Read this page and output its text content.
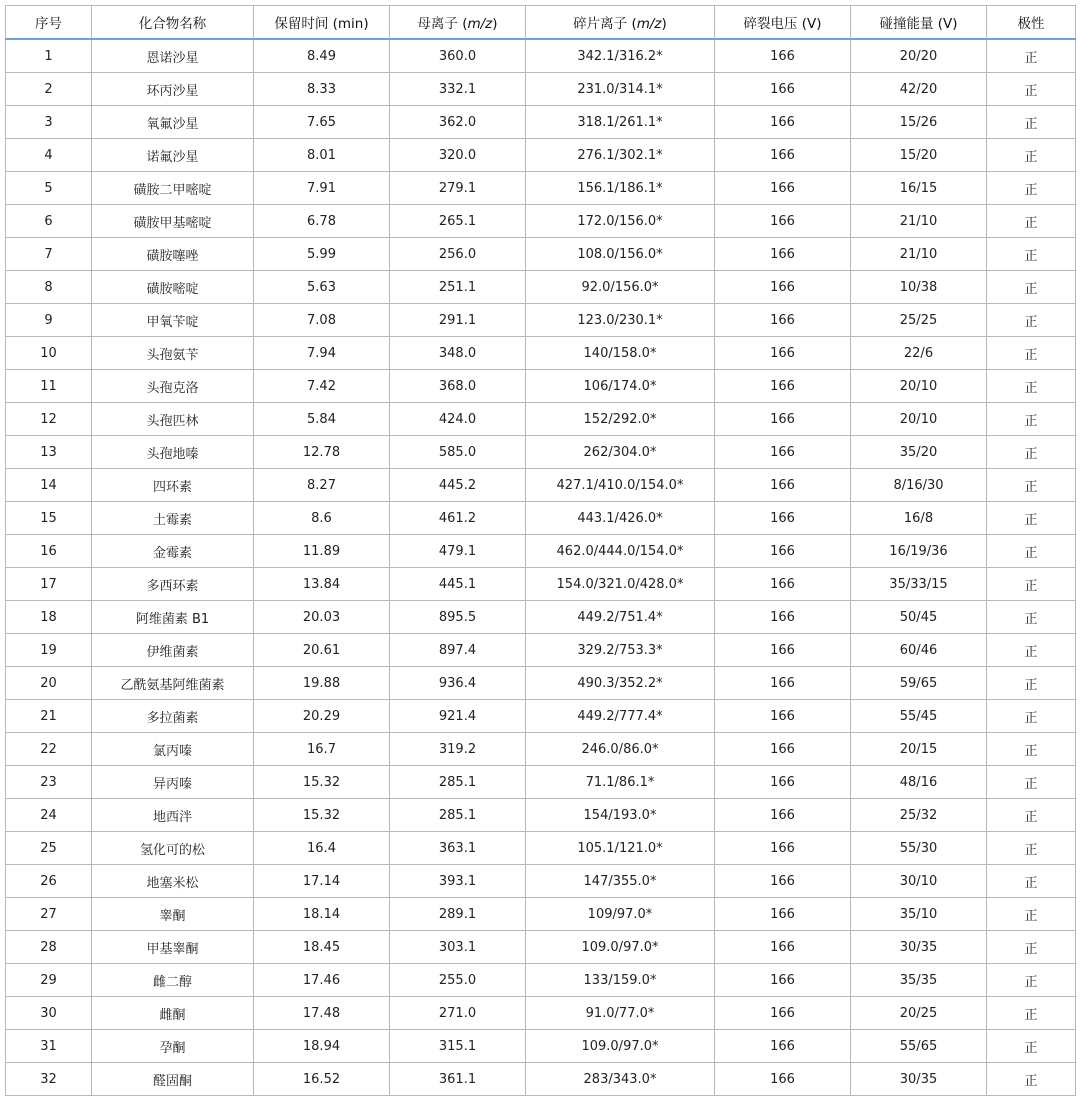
序号	化合物名称	保留时间 (min)	母离子 (m/z)	碎片离子 (m/z)	碎裂电压 (V)	碰撞能量 (V)	极性
1	恩诺沙星	8.49	360.0	342.1/316.2*	166	20/20	正
2	环丙沙星	8.33	332.1	231.0/314.1*	166	42/20	正
3	氧氟沙星	7.65	362.0	318.1/261.1*	166	15/26	正
4	诺氟沙星	8.01	320.0	276.1/302.1*	166	15/20	正
5	磺胺二甲嘧啶	7.91	279.1	156.1/186.1*	166	16/15	正
6	磺胺甲基嘧啶	6.78	265.1	172.0/156.0*	166	21/10	正
7	磺胺噻唑	5.99	256.0	108.0/156.0*	166	21/10	正
8	磺胺嘧啶	5.63	251.1	92.0/156.0*	166	10/38	正
9	甲氧苄啶	7.08	291.1	123.0/230.1*	166	25/25	正
10	头孢氨苄	7.94	348.0	140/158.0*	166	22/6	正
11	头孢克洛	7.42	368.0	106/174.0*	166	20/10	正
12	头孢匹林	5.84	424.0	152/292.0*	166	20/10	正
13	头孢地嗪	12.78	585.0	262/304.0*	166	35/20	正
14	四环素	8.27	445.2	427.1/410.0/154.0*	166	8/16/30	正
15	土霉素	8.6	461.2	443.1/426.0*	166	16/8	正
16	金霉素	11.89	479.1	462.0/444.0/154.0*	166	16/19/36	正
17	多西环素	13.84	445.1	154.0/321.0/428.0*	166	35/33/15	正
18	阿维菌素 B1	20.03	895.5	449.2/751.4*	166	50/45	正
19	伊维菌素	20.61	897.4	329.2/753.3*	166	60/46	正
20	乙酰氨基阿维菌素	19.88	936.4	490.3/352.2*	166	59/65	正
21	多拉菌素	20.29	921.4	449.2/777.4*	166	55/45	正
22	氯丙嗪	16.7	319.2	246.0/86.0*	166	20/15	正
23	异丙嗪	15.32	285.1	71.1/86.1*	166	48/16	正
24	地西泮	15.32	285.1	154/193.0*	166	25/32	正
25	氢化可的松	16.4	363.1	105.1/121.0*	166	55/30	正
26	地塞米松	17.14	393.1	147/355.0*	166	30/10	正
27	睾酮	18.14	289.1	109/97.0*	166	35/10	正
28	甲基睾酮	18.45	303.1	109.0/97.0*	166	30/35	正
29	雌二醇	17.46	255.0	133/159.0*	166	35/35	正
30	雌酮	17.48	271.0	91.0/77.0*	166	20/25	正
31	孕酮	18.94	315.1	109.0/97.0*	166	55/65	正
32	醛固酮	16.52	361.1	283/343.0*	166	30/35	正
